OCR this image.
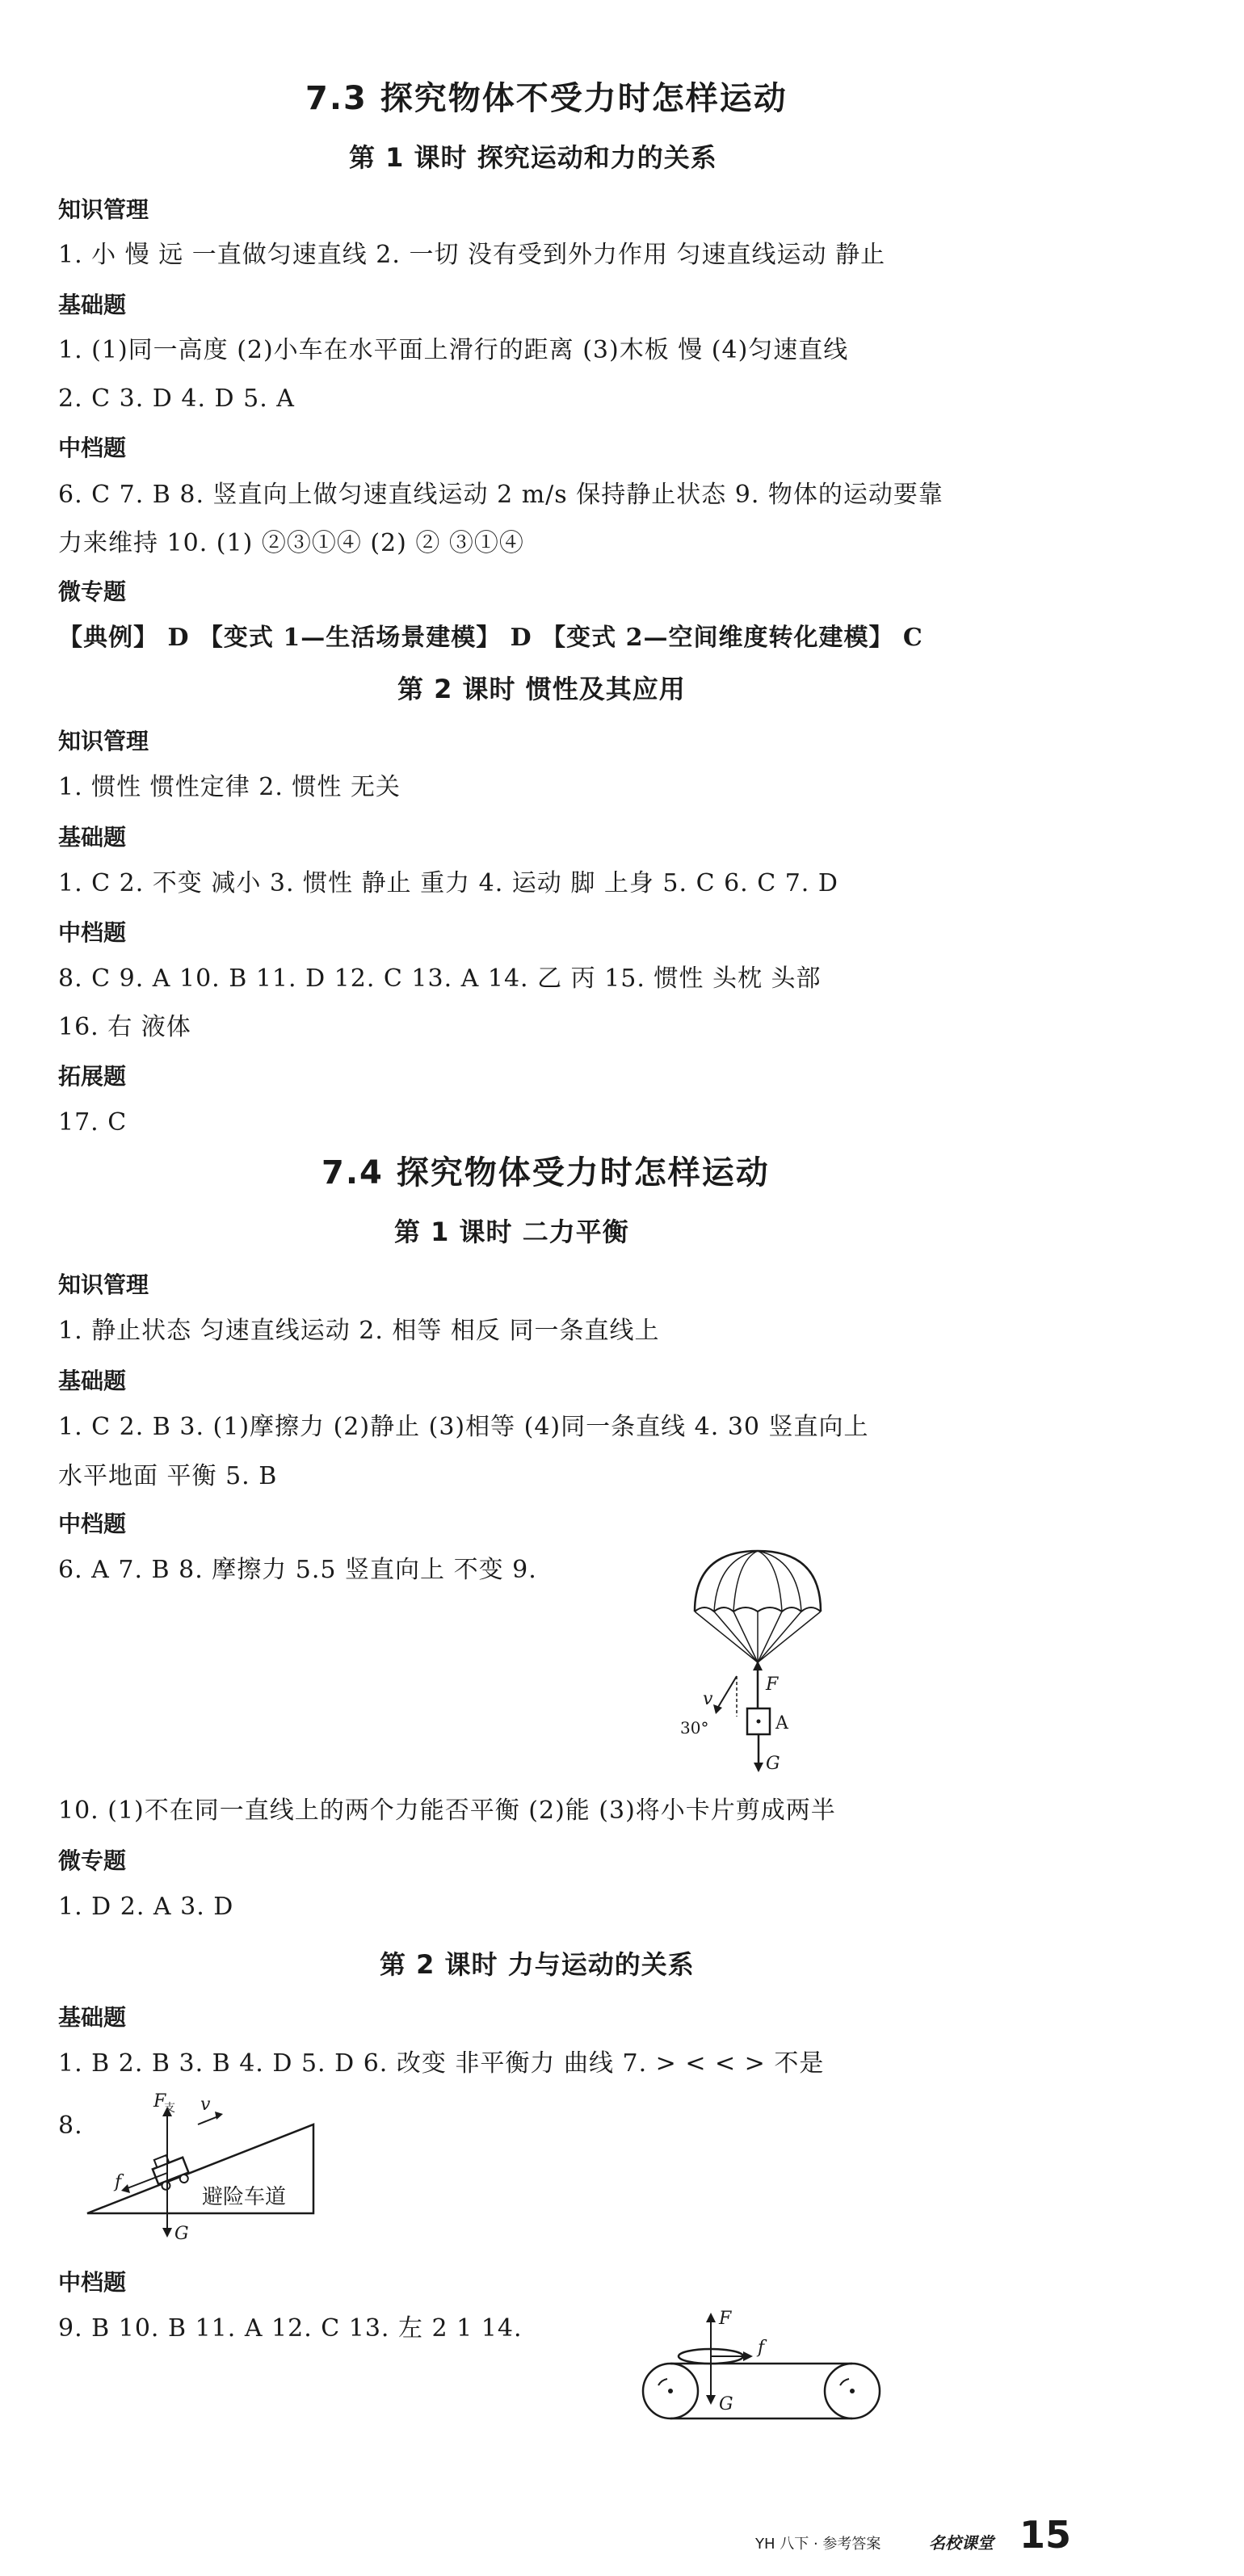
7.3 探究物体不受力时怎样运动
第 1 课时 探究运动和力的关系
知识管理
1. 小 慢 远 一直做匀速直线 2. 一切 没有受到外力作用 匀速直线运动 静止
基础题
1. (1)同一高度 (2)小车在水平面上滑行的距离 (3)木板 慢 (4)匀速直线
2. C 3. D 4. D 5. A
中档题
6. C 7. B 8. 竖直向上做匀速直线运动 2 m/s 保持静止状态 9. 物体的运动要靠
力来维持 10. (1) ②③①④ (2) ② ③①④
微专题
【典例】 D 【变式 1—生活场景建模】 D 【变式 2—空间维度转化建模】 C
第 2 课时 惯性及其应用
知识管理
1. 惯性 惯性定律 2. 惯性 无关
基础题
1. C 2. 不变 减小 3. 惯性 静止 重力 4. 运动 脚 上身 5. C 6. C 7. D
中档题
8. C 9. A 10. B 11. D 12. C 13. A 14. 乙 丙 15. 惯性 头枕 头部
16. 右 液体
拓展题
17. C
7.4 探究物体受力时怎样运动
第 1 课时 二力平衡
知识管理
1. 静止状态 匀速直线运动 2. 相等 相反 同一条直线上
基础题
1. C 2. B 3. (1)摩擦力 (2)静止 (3)相等 (4)同一条直线 4. 30 竖直向上
水平地面 平衡 5. B
中档题
6. A 7. B 8. 摩擦力 5.5 竖直向上 不变 9.
F
A
G
v
30°
10. (1)不在同一直线上的两个力能否平衡 (2)能 (3)将小卡片剪成两半
微专题
1. D 2. A 3. D
第 2 课时 力与运动的关系
基础题
1. B 2. B 3. B 4. D 5. D 6. 改变 非平衡力 曲线 7. > < < > 不是
8.
F
支 v
f
G
避险车道
中档题
9. B 10. B 11. A 12. C 13. 左 2 1 14.	F
f
G
YH 八下 · 参考答案	名校课堂 15
